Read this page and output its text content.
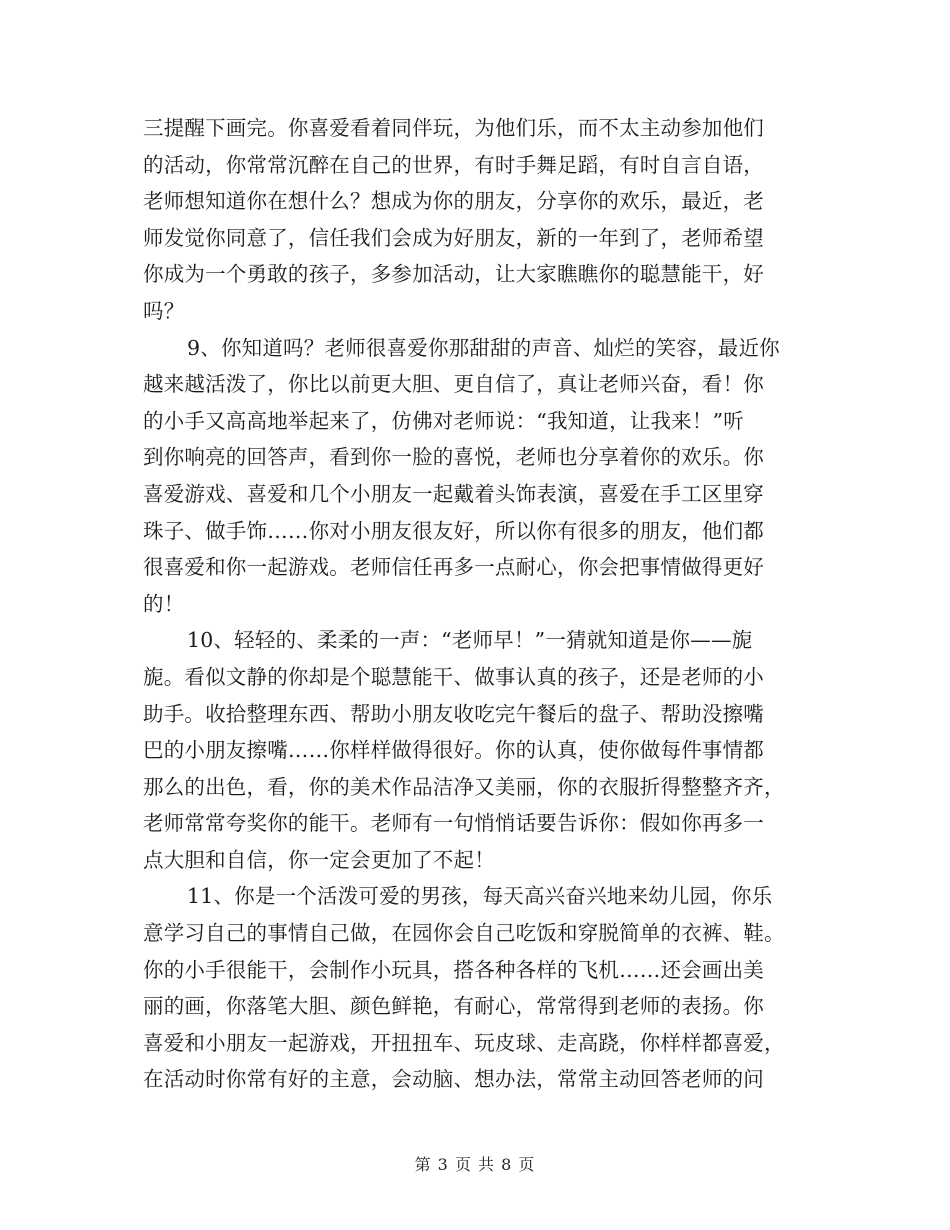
三提醒下画完。你喜爱看着同伴玩，为他们乐，而不太主动参加他们
的活动，你常常沉醉在自己的世界，有时手舞足蹈，有时自言自语，
老师想知道你在想什么？想成为你的朋友，分享你的欢乐，最近，老
师发觉你同意了，信任我们会成为好朋友，新的一年到了，老师希望
你成为一个勇敢的孩子，多参加活动，让大家瞧瞧你的聪慧能干，好
吗？
9、你知道吗？老师很喜爱你那甜甜的声音、灿烂的笑容，最近你
越来越活泼了，你比以前更大胆、更自信了，真让老师兴奋，看！你
的小手又高高地举起来了，仿佛对老师说：“我知道，让我来！”听
到你响亮的回答声，看到你一脸的喜悦，老师也分享着你的欢乐。你
喜爱游戏、喜爱和几个小朋友一起戴着头饰表演，喜爱在手工区里穿
珠子、做手饰……你对小朋友很友好，所以你有很多的朋友，他们都
很喜爱和你一起游戏。老师信任再多一点耐心，你会把事情做得更好
的！
10、轻轻的、柔柔的一声：“老师早！”一猜就知道是你——旎
旎。看似文静的你却是个聪慧能干、做事认真的孩子，还是老师的小
助手。收拾整理东西、帮助小朋友收吃完午餐后的盘子、帮助没擦嘴
巴的小朋友擦嘴……你样样做得很好。你的认真，使你做每件事情都
那么的出色，看，你的美术作品洁净又美丽，你的衣服折得整整齐齐，
老师常常夸奖你的能干。老师有一句悄悄话要告诉你：假如你再多一
点大胆和自信，你一定会更加了不起！
11、你是一个活泼可爱的男孩，每天高兴奋兴地来幼儿园，你乐
意学习自己的事情自己做，在园你会自己吃饭和穿脱简单的衣裤、鞋。
你的小手很能干，会制作小玩具，搭各种各样的飞机……还会画出美
丽的画，你落笔大胆、颜色鲜艳，有耐心，常常得到老师的表扬。你
喜爱和小朋友一起游戏，开扭扭车、玩皮球、走高跷，你样样都喜爱，
在活动时你常有好的主意，会动脑、想办法，常常主动回答老师的问
第 3 页 共 8 页
